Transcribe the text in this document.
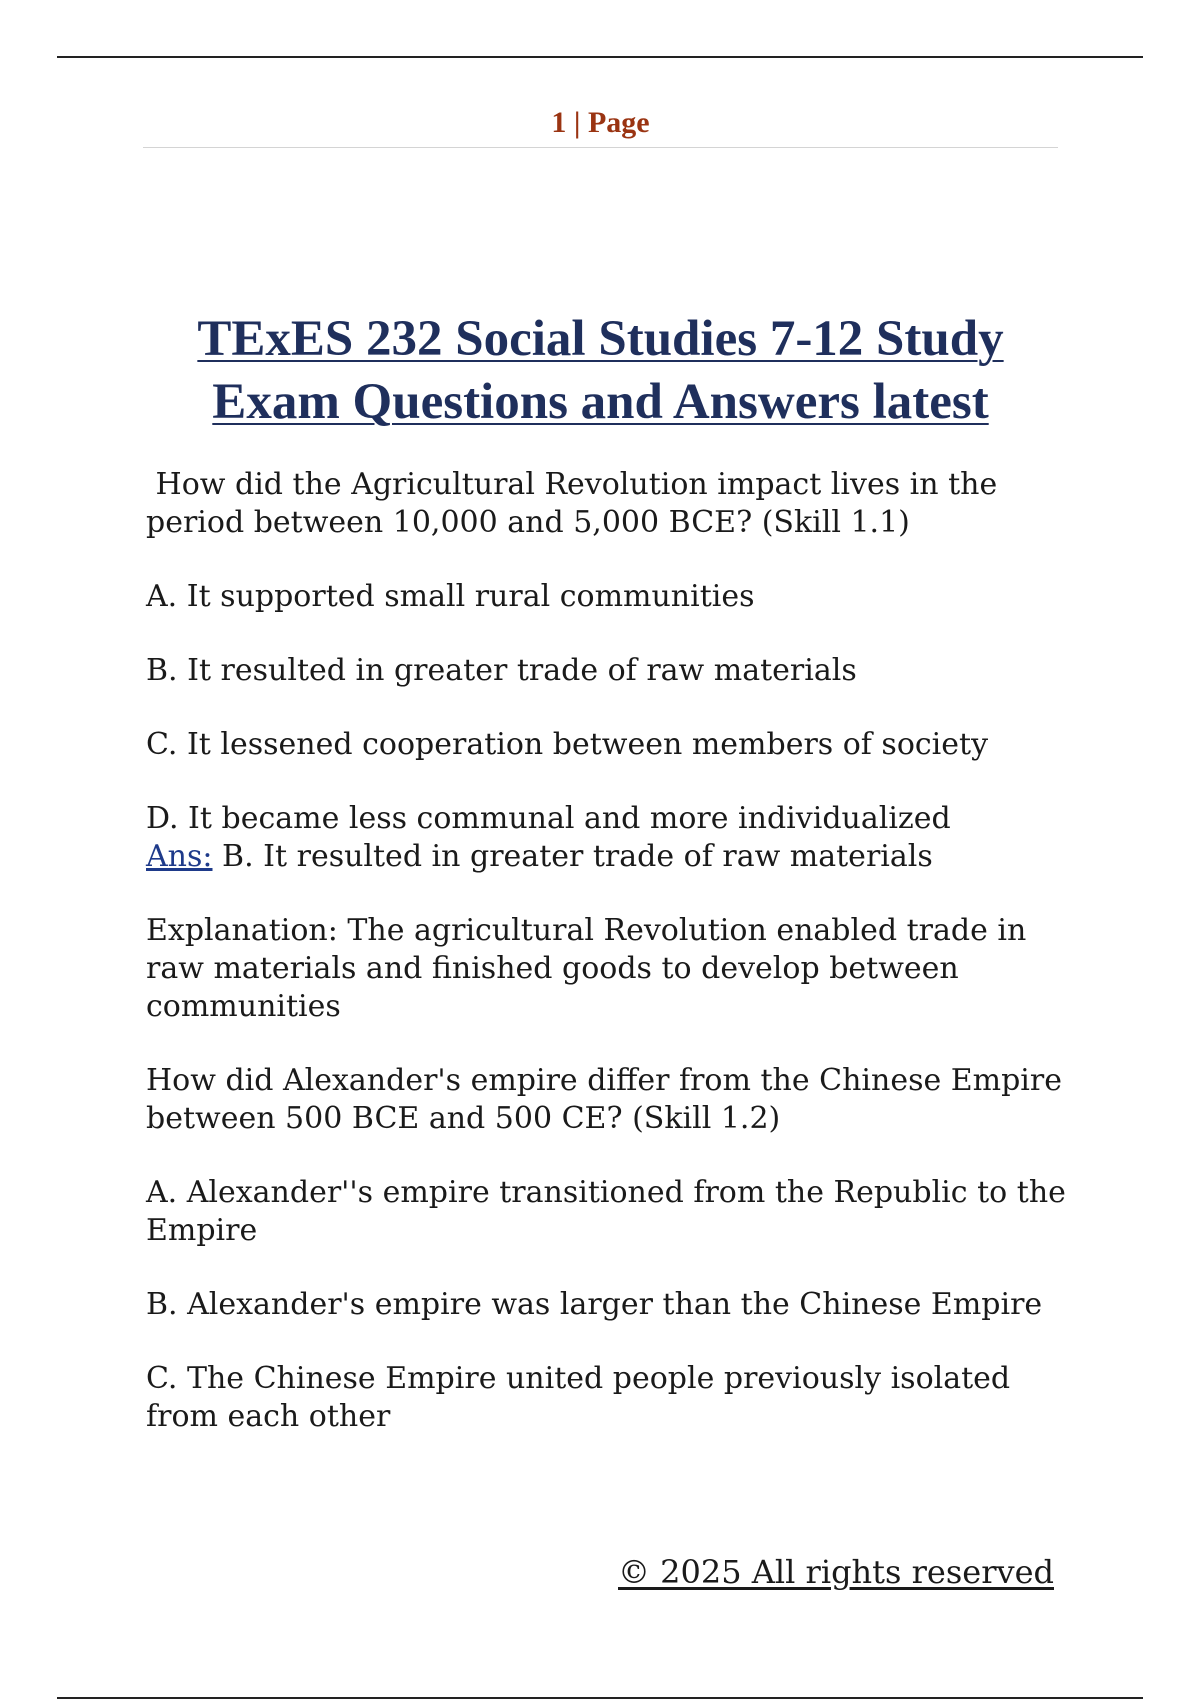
1 | Page
TExES 232 Social Studies 7-12 Study
Exam Questions and Answers latest

How did the Agricultural Revolution impact lives in the period between 10,000 and 5,000 BCE? (Skill 1.1)

A. It supported small rural communities

B. It resulted in greater trade of raw materials

C. It lessened cooperation between members of society

D. It became less communal and more individualized

Ans: B. It resulted in greater trade of raw materials

Explanation: The agricultural Revolution enabled trade in raw materials and finished goods to develop between communities

How did Alexander's empire differ from the Chinese Empire between 500 BCE and 500 CE? (Skill 1.2)

A. Alexander''s empire transitioned from the Republic to the Empire

B. Alexander's empire was larger than the Chinese Empire

C. The Chinese Empire united people previously isolated from each other

© 2025 All rights reserved
